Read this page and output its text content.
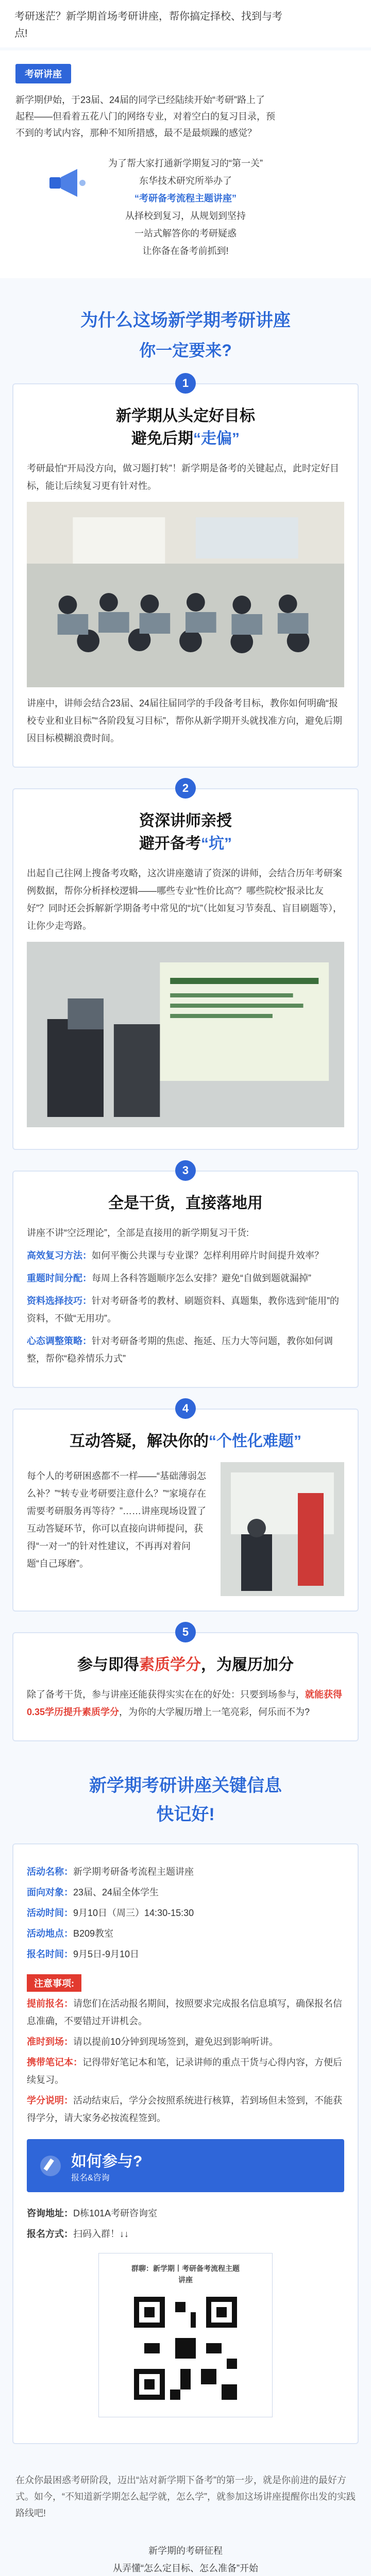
考研迷茫？新学期首场考研讲座，帮你搞定择校、找到与考
点!
考研讲座
新学期伊始，于23届、24届的同学已经陆续开始“考研”路上了
起程——但看着五花八门的网络专业，对着空白的复习目录，预
不到的考试内容，那种不知所措感，最不是最烦躁的感觉？
为了帮大家打通新学期复习的“第一关”
东华技术研究所举办了
“考研备考流程主题讲座”
从择校到复习，从规划到坚持
一站式解答你的考研疑惑
让你备在备考前抓到!
为什么这场新学期考研讲座
你一定要来?
1
新学期从头定好目标
避免后期“走偏”
考研最怕“开局没方向，做习题打转”！新学期是备考的关键起点，此时定好目标，能让后续复习更有针对性。
讲座中，讲师会结合23届、24届往届同学的手段备考目标，教你如何明确“报校专业和业目标”“各阶段复习目标”，帮你从新学期开头就找准方向，避免后期因目标模糊浪费时间。
2
资深讲师亲授
避开备考“坑”
出起自己往网上搜备考攻略，这次讲座邀请了资深的讲师，会结合历年考研案例数据，帮你分析择校逻辑——哪些专业“性价比高”？哪些院校“报录比友好”？同时还会拆解新学期备考中常见的“坑”（比如复习节奏乱、盲目刷题等），让你少走弯路。
3
全是干货，直接落地用
讲座不讲“空泛理论”，全部是直接用的新学期复习干货:
高效复习方法：如何平衡公共课与专业课？怎样利用碎片时间提升效率？
重题时间分配：每周上各科答题顺序怎么安排？避免“自做到题就漏掉”
资料选择技巧：针对考研备考的教材、刷题资料、真题集，教你选到“能用”的资料，不做“无用功”。
心态调整策略：针对考研备考期的焦虑、拖延、压力大等问题，教你如何调整，帮你“稳养情乐力式”
4
互动答疑，解决你的“个性化难题”
每个人的考研困惑都不一样——“基础薄弱怎么补？”“转专业考研要注意什么？”“家境存在需要考研服务再等待？”……讲座现场设置了互动答疑环节，你可以直接向讲师提问，获得“一对一”的针对性建议，不再再对着问题“自己琢磨”。
5
参与即得素质学分，为履历加分
除了备考干货，参与讲座还能获得实实在在的好处：只要到场参与，就能获得0.35学历提升素质学分，为你的大学履历增上一笔亮彩，何乐而不为?
新学期考研讲座关键信息
快记好!
活动名称：新学期考研备考流程主题讲座
面向对象：23届、24届全体学生
活动时间：9月10日（周三）14:30-15:30
活动地点：B209教室
报名时间：9月5日-9月10日
注意事项:
提前报名：请您们在活动报名期间，按照要求完成报名信息填写，确保报名信息准确，不要错过开讲机会。
准时到场：请以提前10分钟到现场签到，避免迟到影响听讲。
携带笔记本：记得带好笔记本和笔，记录讲师的重点干货与心得内容，方便后续复习。
学分说明：活动结束后，学分会按照系统进行核算，若到场但未签到，不能获得学分，请大家务必按流程签到。
如何参与?
报名&咨询
咨询地址：D栋101A考研咨询室
报名方式：扫码入群！↓↓
群聊：新学期丨考研备考流程主题
讲座
在众你最困惑考研阶段，迈出“站对新学期下备考”的第一步，就是你前进的最好方式。如今，“不知道新学期怎么起学就，怎么学”，就参加这场讲座提醒你出发的实践路线吧!
新学期的考研征程
从弄懂“怎么定目标、怎么准备”开始
